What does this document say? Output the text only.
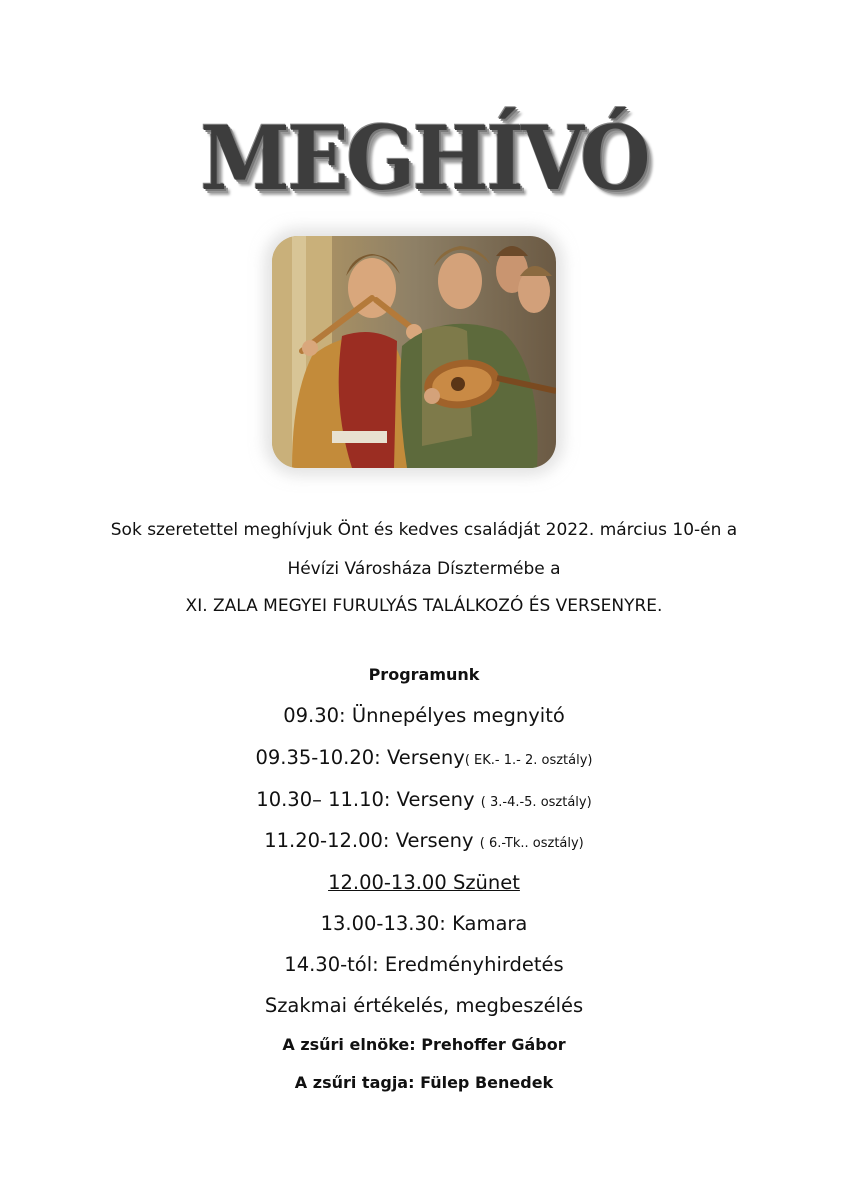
MEGHÍVÓ
Sok szeretettel meghívjuk Önt és kedves családját 2022. március 10-én a
Hévízi Városháza Dísztermébe a
XI. ZALA MEGYEI FURULYÁS TALÁLKOZÓ ÉS VERSENYRE.
Programunk
09.30: Ünnepélyes megnyitó
09.35-10.20: Verseny( EK.- 1.- 2. osztály)
10.30– 11.10: Verseny ( 3.-4.-5. osztály)
11.20-12.00: Verseny ( 6.-Tk.. osztály)
12.00-13.00 Szünet
13.00-13.30: Kamara
14.30-tól: Eredményhirdetés
Szakmai értékelés, megbeszélés
A zsűri elnöke: Prehoffer Gábor
A zsűri tagja: Fülep Benedek
